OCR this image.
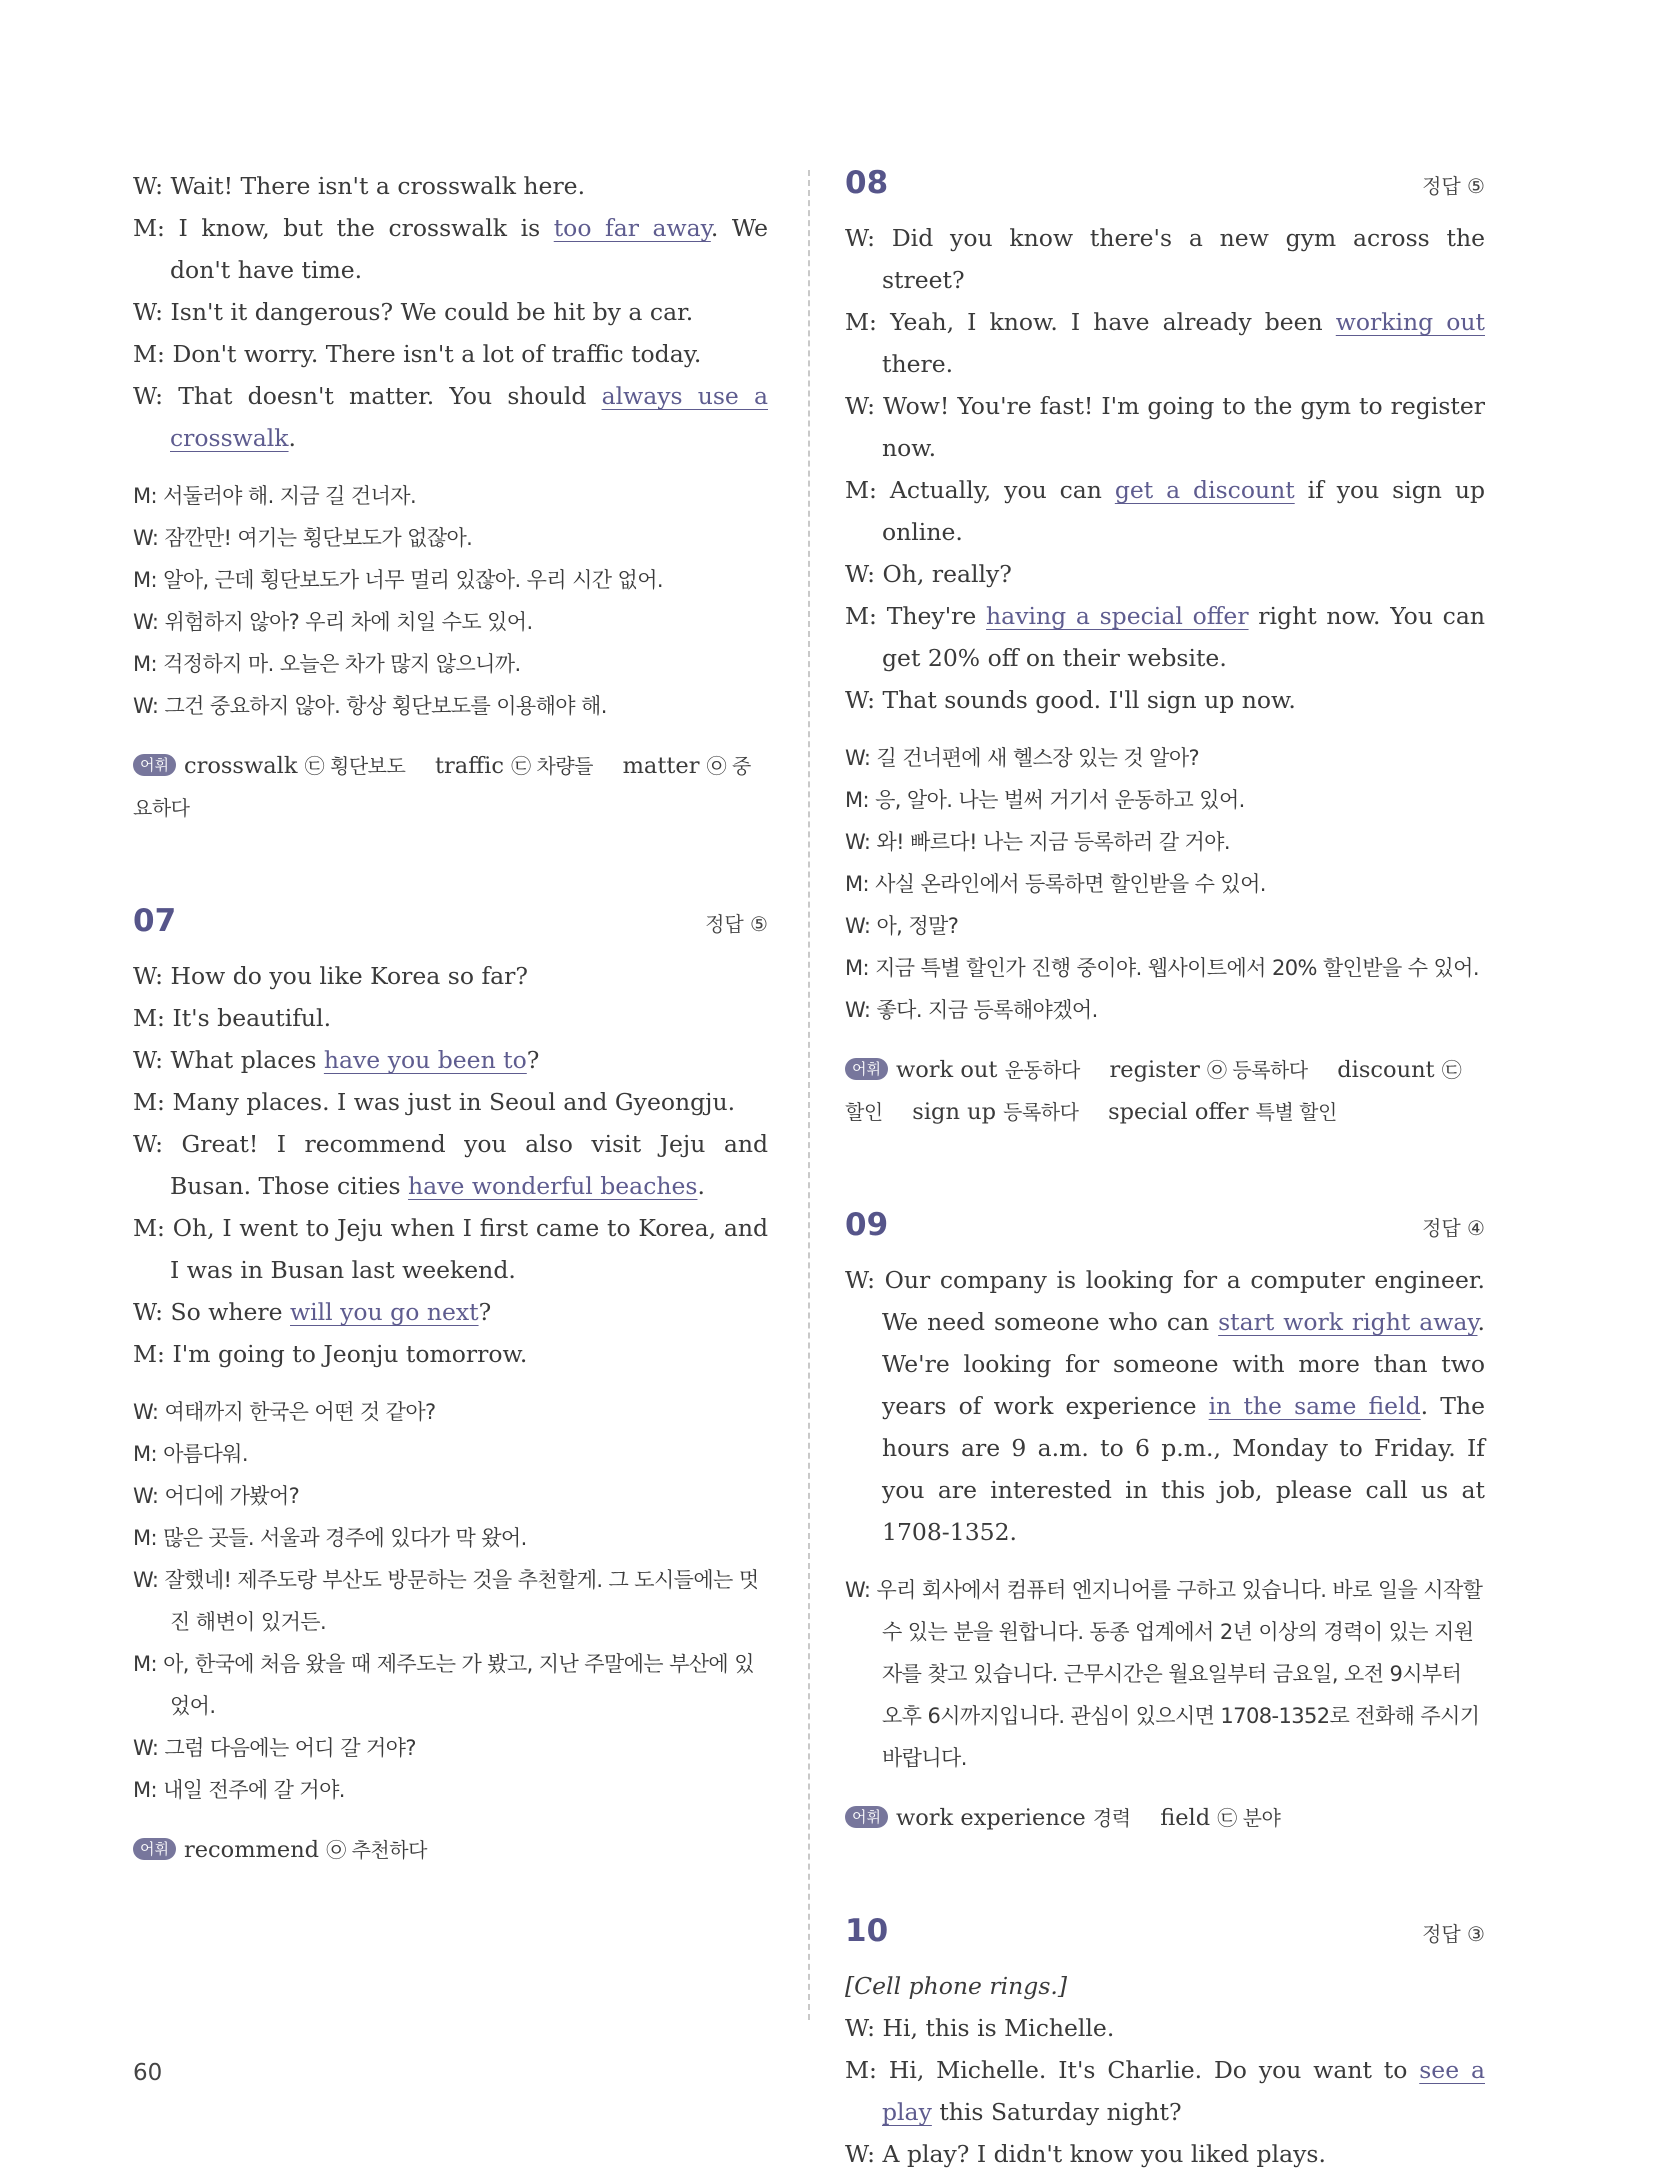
W: Wait! There isn't a crosswalk here.

M: I know, but the crosswalk is too far away. We don't have time.

W: Isn't it dangerous? We could be hit by a car.

M: Don't worry. There isn't a lot of traffic today.

W: That doesn't matter. You should always use a crosswalk.

M: 서둘러야 해. 지금 길 건너자.

W: 잠깐만! 여기는 횡단보도가 없잖아.

M: 알아, 근데 횡단보도가 너무 멀리 있잖아. 우리 시간 없어.

W: 위험하지 않아? 우리 차에 치일 수도 있어.

M: 걱정하지 마. 오늘은 차가 많지 않으니까.

W: 그건 중요하지 않아. 항상 횡단보도를 이용해야 해.

어휘 crosswalk ㉢ 횡단보도  traffic ㉢ 차량들  matter ㉧ 중요하다
07	정답 ⑤

W: How do you like Korea so far?

M: It's beautiful.

W: What places have you been to?

M: Many places. I was just in Seoul and Gyeongju.

W: Great! I recommend you also visit Jeju and Busan. Those cities have wonderful beaches.

M: Oh, I went to Jeju when I first came to Korea, and I was in Busan last weekend.

W: So where will you go next?

M: I'm going to Jeonju tomorrow.

W: 여태까지 한국은 어떤 것 같아?

M: 아름다워.

W: 어디에 가봤어?

M: 많은 곳들. 서울과 경주에 있다가 막 왔어.

W: 잘했네! 제주도랑 부산도 방문하는 것을 추천할게. 그 도시들에는 멋진 해변이 있거든.

M: 아, 한국에 처음 왔을 때 제주도는 가 봤고, 지난 주말에는 부산에 있었어.

W: 그럼 다음에는 어디 갈 거야?

M: 내일 전주에 갈 거야.

어휘 recommend ㉧ 추천하다
08	정답 ⑤

W: Did you know there's a new gym across the street?

M: Yeah, I know. I have already been working out there.

W: Wow! You're fast! I'm going to the gym to register now.

M: Actually, you can get a discount if you sign up online.

W: Oh, really?

M: They're having a special offer right now. You can get 20% off on their website.

W: That sounds good. I'll sign up now.

W: 길 건너편에 새 헬스장 있는 것 알아?

M: 응, 알아. 나는 벌써 거기서 운동하고 있어.

W: 와! 빠르다! 나는 지금 등록하러 갈 거야.

M: 사실 온라인에서 등록하면 할인받을 수 있어.

W: 아, 정말?

M: 지금 특별 할인가 진행 중이야. 웹사이트에서 20% 할인받을 수 있어.

W: 좋다. 지금 등록해야겠어.

어휘 work out 운동하다  register ㉧ 등록하다  discount ㉢ 할인  sign up 등록하다  special offer 특별 할인
09	정답 ④

W: Our company is looking for a computer engineer. We need someone who can start work right away. We're looking for someone with more than two years of work experience in the same field. The hours are 9 a.m. to 6 p.m., Monday to Friday. If you are interested in this job, please call us at 1708-1352.

W: 우리 회사에서 컴퓨터 엔지니어를 구하고 있습니다. 바로 일을 시작할 수 있는 분을 원합니다. 동종 업계에서 2년 이상의 경력이 있는 지원자를 찾고 있습니다. 근무시간은 월요일부터 금요일, 오전 9시부터 오후 6시까지입니다. 관심이 있으시면 1708-1352로 전화해 주시기 바랍니다.

어휘 work experience 경력  field ㉢ 분야
10	정답 ③

[Cell phone rings.]

W: Hi, this is Michelle.

M: Hi, Michelle. It's Charlie. Do you want to see a play this Saturday night?

W: A play? I didn't know you liked plays.

60
